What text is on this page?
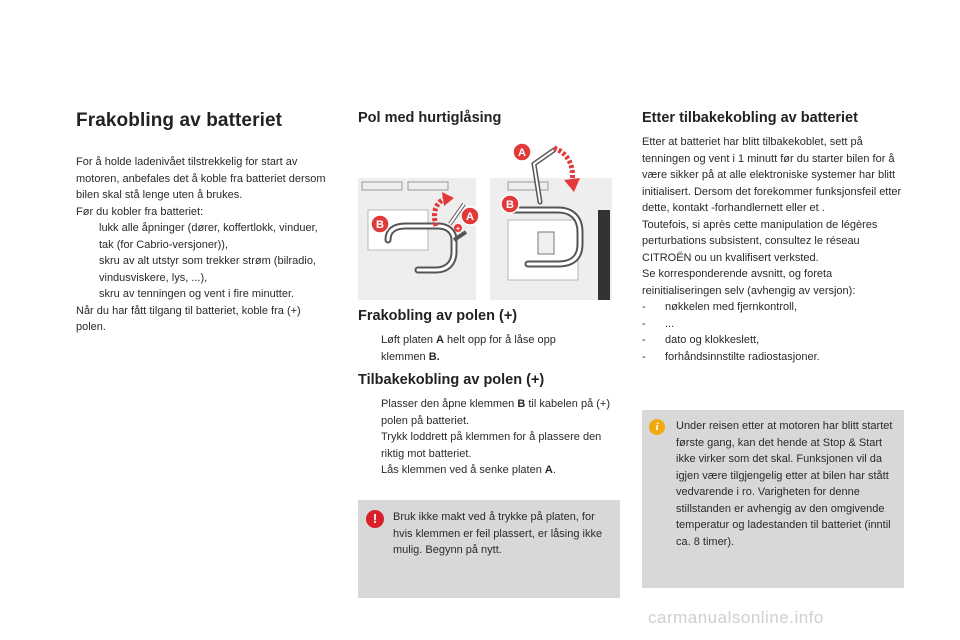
Frakobling av batteriet

For å holde ladenivået tilstrekkelig for start av motoren, anbefales det å koble fra batteriet dersom bilen skal stå lenge uten å brukes.

Før du kobler fra batteriet:

lukk alle åpninger (dører, koffertlokk, vinduer, tak (for Cabrio-versjoner)),
skru av alt utstyr som trekker strøm (bilradio, vindusviskere, lys, ...),
skru av tenningen og vent i fire minutter.

Når du har fått tilgang til batteriet, koble fra (+) polen.

Pol med hurtiglåsing
B
A
+
A
B
Frakobling av polen (+)
Løft platen A helt opp for å låse opp klemmen B.
Tilbakekobling av polen (+)
Plasser den åpne klemmen B til kabelen på (+) polen på batteriet.
Trykk loddrett på klemmen for å plassere den riktig mot batteriet.
Lås klemmen ved å senke platen A.
!	Bruk ikke makt ved å trykke på platen, for hvis klemmen er feil plassert, er låsing ikke mulig. Begynn på nytt.

Etter tilbakekobling av batteriet

Etter at batteriet har blitt tilbakekoblet, sett på tenningen og vent i 1 minutt før du starter bilen for å være sikker på at alle elektroniske systemer har blitt initialisert. Dersom det forekommer funksjonsfeil etter dette, kontakt -forhandlernett eller et .

Toutefois, si après cette manipulation de légères perturbations subsistent, consultez le réseau CITROËN ou un kvalifisert verksted.

Se korresponderende avsnitt, og foreta reinitialiseringen selv (avhengig av versjon):

- nøkkelen med fjernkontroll,
- ...
- dato og klokkeslett,
- forhåndsinnstilte radiostasjoner.
i	Under reisen etter at motoren har blitt startet første gang, kan det hende at Stop & Start ikke virker som det skal. Funksjonen vil da igjen være tilgjengelig etter at bilen har stått vedvarende i ro. Varigheten for denne stillstanden er avhengig av den omgivende temperatur og ladestanden til batteriet (inntil ca. 8 timer).

carmanualsonline.info
